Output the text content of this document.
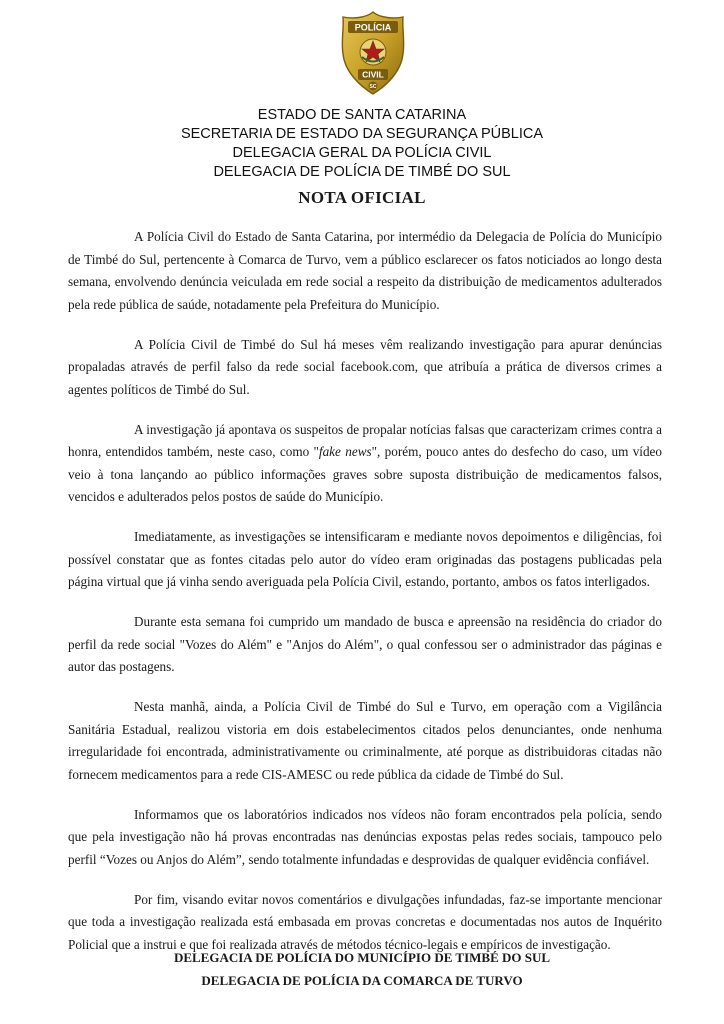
POLÍCIA
CIVIL
SC
ESTADO DE SANTA CATARINA
SECRETARIA DE ESTADO DA SEGURANÇA PÚBLICA
DELEGACIA GERAL DA POLÍCIA CIVIL
DELEGACIA DE POLÍCIA DE TIMBÉ DO SUL
NOTA OFICIAL

A Polícia Civil do Estado de Santa Catarina, por intermédio da Delegacia de Polícia do Município de Timbé do Sul, pertencente à Comarca de Turvo, vem a público esclarecer os fatos noticiados ao longo desta semana, envolvendo denúncia veiculada em rede social a respeito da distribuição de medicamentos adulterados pela rede pública de saúde, notadamente pela Prefeitura do Município.

A Polícia Civil de Timbé do Sul há meses vêm realizando investigação para apurar denúncias propaladas através de perfil falso da rede social facebook.com, que atribuía a prática de diversos crimes a agentes políticos de Timbé do Sul.

A investigação já apontava os suspeitos de propalar notícias falsas que caracterizam crimes contra a honra, entendidos também, neste caso, como "fake news", porém, pouco antes do desfecho do caso, um vídeo veio à tona lançando ao público informações graves sobre suposta distribuição de medicamentos falsos, vencidos e adulterados pelos postos de saúde do Município.

Imediatamente, as investigações se intensificaram e mediante novos depoimentos e diligências, foi possível constatar que as fontes citadas pelo autor do vídeo eram originadas das postagens publicadas pela página virtual que já vinha sendo averiguada pela Polícia Civil, estando, portanto, ambos os fatos interligados.

Durante esta semana foi cumprido um mandado de busca e apreensão na residência do criador do perfil da rede social "Vozes do Além" e "Anjos do Além", o qual confessou ser o administrador das páginas e autor das postagens.

Nesta manhã, ainda, a Polícia Civil de Timbé do Sul e Turvo, em operação com a Vigilância Sanitária Estadual, realizou vistoria em dois estabelecimentos citados pelos denunciantes, onde nenhuma irregularidade foi encontrada, administrativamente ou criminalmente, até porque as distribuidoras citadas não fornecem medicamentos para a rede CIS-AMESC ou rede pública da cidade de Timbé do Sul.

Informamos que os laboratórios indicados nos vídeos não foram encontrados pela polícia, sendo que pela investigação não há provas encontradas nas denúncias expostas pelas redes sociais, tampouco pelo perfil “Vozes ou Anjos do Além”, sendo totalmente infundadas e desprovidas de qualquer evidência confiável.

Por fim, visando evitar novos comentários e divulgações infundadas, faz-se importante mencionar que toda a investigação realizada está embasada em provas concretas e documentadas nos autos de Inquérito Policial que a instrui e que foi realizada através de métodos técnico-legais e empíricos de investigação.

DELEGACIA DE POLÍCIA DO MUNICÍPIO DE TIMBÉ DO SUL
DELEGACIA DE POLÍCIA DA COMARCA DE TURVO
